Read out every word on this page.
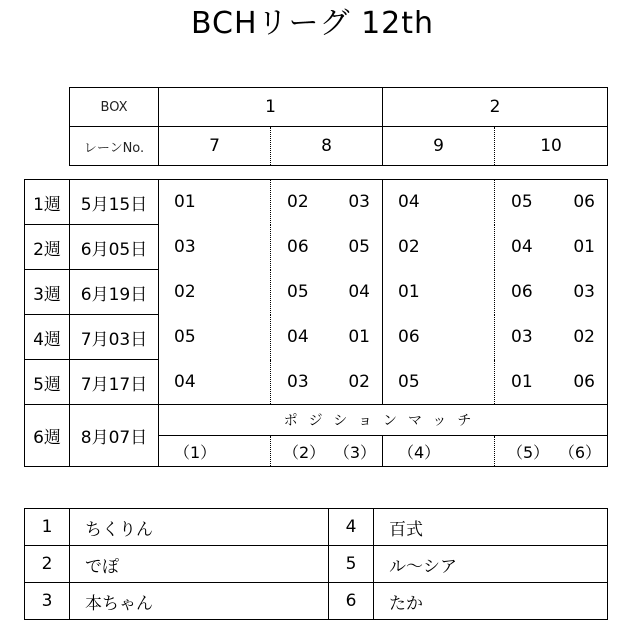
BCHリーグ 12th
BOX	1		2	
レーンNo.	7	8	9	10
1週	5月15日	01	02 03	04	05 06

2週	6月05日	03	06 05	02	04 01

3週	6月19日	02	05 04	01	06 03

4週	7月03日	05	04 01	06	03 02

5週	7月17日	04	03 02	05	01 06

6週	8月07日	ポジションマッチ			

		（1）	（2） （3）	（4）	（5） （6）
1	ちくりん	4	百式
2	でぽ	5	ル～シア
3	本ちゃん	6	たか
